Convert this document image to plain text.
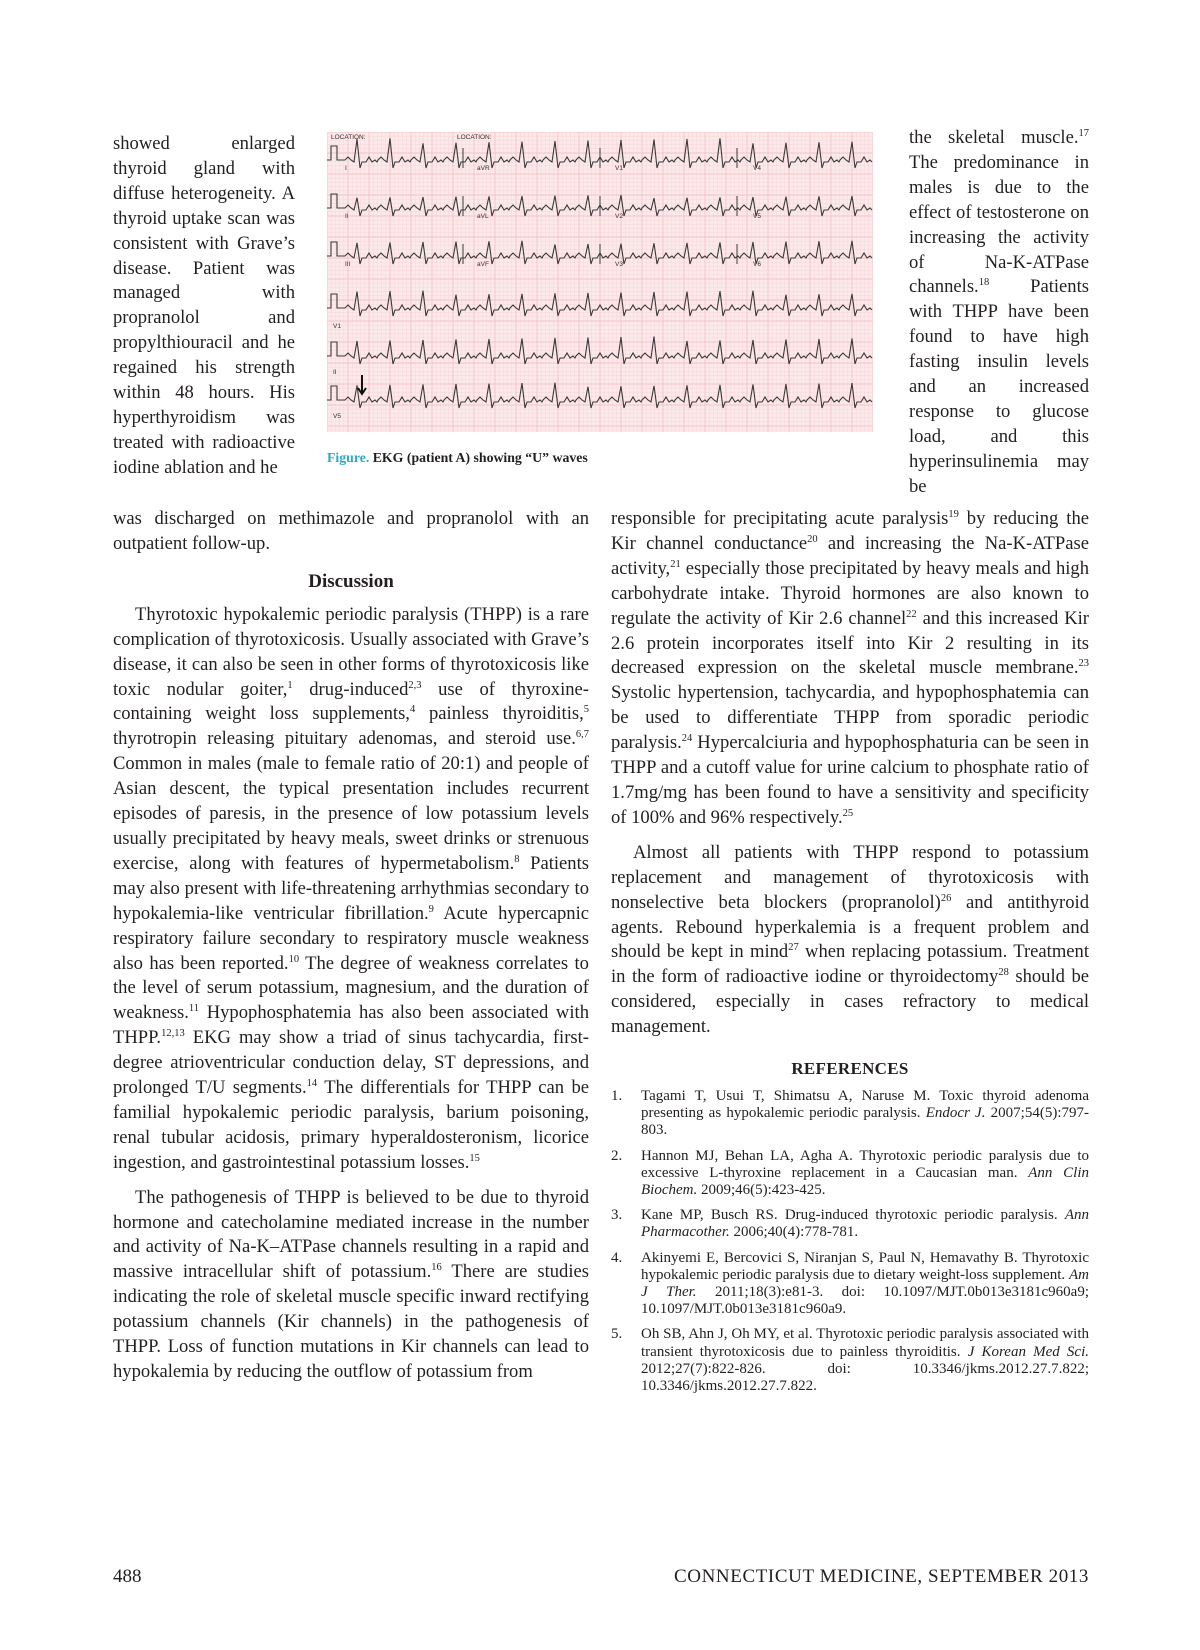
showed enlarged thyroid gland with diffuse heterogeneity. A thyroid uptake scan was consistent with Grave’s disease. Patient was managed with propranolol and propylthiouracil and he regained his strength within 48 hours. His hyperthyroidism was treated with radioactive iodine ablation and he

LOCATION:	LOCATION:
I	aVR	V1	V4
II	aVL	V2	V5
III	aVF	V3	V6
V1
II
V5
Figure. EKG (patient A) showing “U” waves

the skeletal muscle.$^{17}$ The predominance in males is due to the effect of testosterone on increasing the activity of Na-K-ATPase channels.$^{18}$ Patients with THPP have been found to have high fasting insulin levels and an increased response to glucose load, and this hyperinsulinemia may be

was discharged on methimazole and propranolol with an outpatient follow-up.

Discussion

Thyrotoxic hypokalemic periodic paralysis (THPP) is a rare complication of thyrotoxicosis. Usually associated with Grave’s disease, it can also be seen in other forms of thyrotoxicosis like toxic nodular goiter,$^1$ drug-induced$^{2,3}$ use of thyroxine-containing weight loss supplements,$^4$ painless thyroiditis,$^5$ thyrotropin releasing pituitary adenomas, and steroid use.$^{6,7}$ Common in males (male to female ratio of 20:1) and people of Asian descent, the typical presentation includes recurrent episodes of paresis, in the presence of low potassium levels usually precipitated by heavy meals, sweet drinks or strenuous exercise, along with features of hypermetabolism.$^8$ Patients may also present with life-threatening arrhythmias secondary to hypokalemia-like ventricular fibrillation.$^9$ Acute hypercapnic respiratory failure secondary to respiratory muscle weakness also has been reported.$^{10}$ The degree of weakness correlates to the level of serum potassium, magnesium, and the duration of weakness.$^{11}$ Hypophosphatemia has also been associated with THPP.$^{12,13}$ EKG may show a triad of sinus tachycardia, first-degree atrioventricular conduction delay, ST depressions, and prolonged T/U segments.$^{14}$ The differentials for THPP can be familial hypokalemic periodic paralysis, barium poisoning, renal tubular acidosis, primary hyperaldosteronism, licorice ingestion, and gastrointestinal potassium losses.$^{15}$

The pathogenesis of THPP is believed to be due to thyroid hormone and catecholamine mediated increase in the number and activity of Na-K–ATPase channels resulting in a rapid and massive intracellular shift of potassium.$^{16}$ There are studies indicating the role of skeletal muscle specific inward rectifying potassium channels (Kir channels) in the pathogenesis of THPP. Loss of function mutations in Kir channels can lead to hypokalemia by reducing the outflow of potassium from

responsible for precipitating acute paralysis$^{19}$ by reducing the Kir channel conductance$^{20}$ and increasing the Na-K-ATPase activity,$^{21}$ especially those precipitated by heavy meals and high carbohydrate intake. Thyroid hormones are also known to regulate the activity of Kir 2.6 channel$^{22}$ and this increased Kir 2.6 protein incorporates itself into Kir 2 resulting in its decreased expression on the skeletal muscle membrane.$^{23}$ Systolic hypertension, tachycardia, and hypophosphatemia can be used to differentiate THPP from sporadic periodic paralysis.$^{24}$ Hypercalciuria and hypophosphaturia can be seen in THPP and a cutoff value for urine calcium to phosphate ratio of 1.7mg/mg has been found to have a sensitivity and specificity of 100% and 96% respectively.$^{25}$

Almost all patients with THPP respond to potassium replacement and management of thyrotoxicosis with nonselective beta blockers (propranolol)$^{26}$ and antithyroid agents. Rebound hyperkalemia is a frequent problem and should be kept in mind$^{27}$ when replacing potassium. Treatment in the form of radioactive iodine or thyroidectomy$^{28}$ should be considered, especially in cases refractory to medical management.

REFERENCES
1.	Tagami T, Usui T, Shimatsu A, Naruse M. Toxic thyroid adenoma presenting as hypokalemic periodic paralysis. Endocr J. 2007;54(5):797-803.
2.	Hannon MJ, Behan LA, Agha A. Thyrotoxic periodic paralysis due to excessive L-thyroxine replacement in a Caucasian man. Ann Clin Biochem. 2009;46(5):423-425.
3.	Kane MP, Busch RS. Drug-induced thyrotoxic periodic paralysis. Ann Pharmacother. 2006;40(4):778-781.
4.	Akinyemi E, Bercovici S, Niranjan S, Paul N, Hemavathy B. Thyrotoxic hypokalemic periodic paralysis due to dietary weight-loss supplement. Am J Ther. 2011;18(3):e81-3. doi: 10.1097/MJT.0b013e3181c960a9; 10.1097/MJT.0b013e3181c960a9.
5.	Oh SB, Ahn J, Oh MY, et al. Thyrotoxic periodic paralysis associated with transient thyrotoxicosis due to painless thyroiditis. J Korean Med Sci. 2012;27(7):822-826. doi: 10.3346/jkms.2012.27.7.822; 10.3346/jkms.2012.27.7.822.
488	CONNECTICUT MEDICINE, SEPTEMBER 2013
